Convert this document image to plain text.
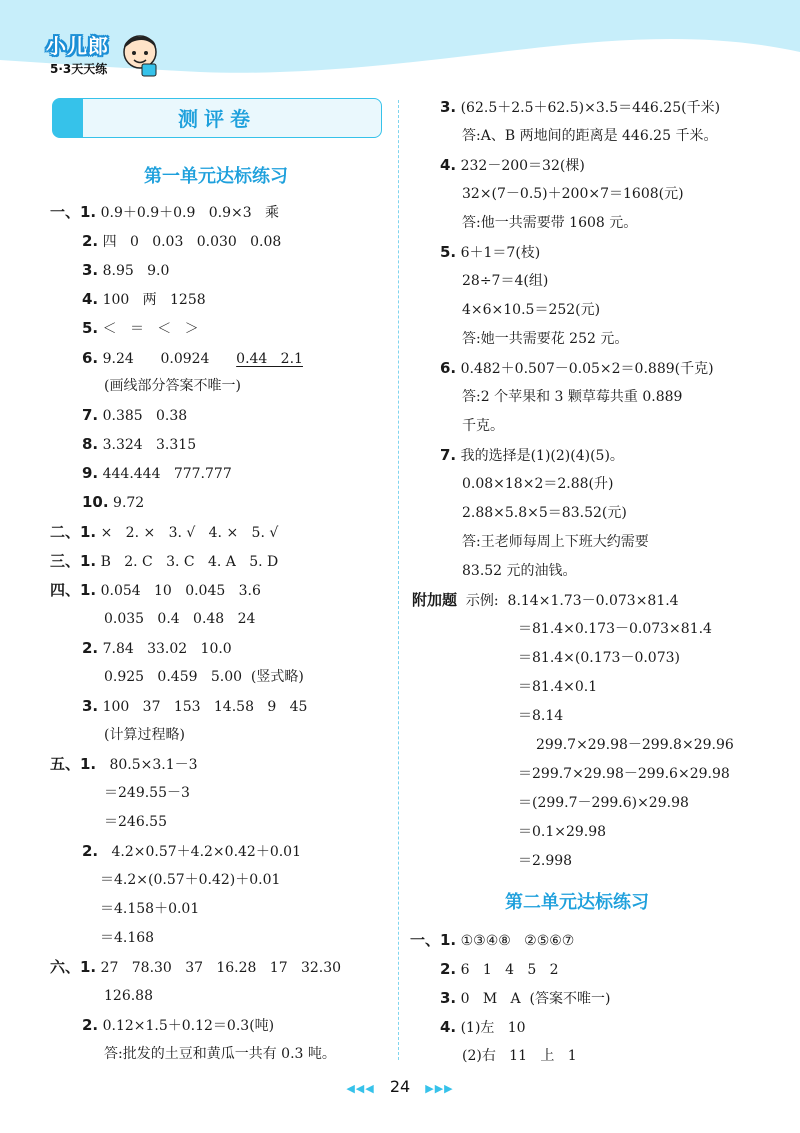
小儿郎
5·3天天练
测评卷
第一单元达标练习
第二单元达标练习
一、1. 0.9＋0.9＋0.9   0.9×3   乘
2. 四   0   0.03   0.030   0.08
3. 8.95   9.0
4. 100   两   1258
5. ＜   ＝   ＜   ＞
6. 9.24      0.0924      0.44   2.1
(画线部分答案不唯一)
7. 0.385   0.38
8. 3.324   3.315
9. 444.444   777.777
10. 9.72
二、1. ×   2. ×   3. √   4. ×   5. √
三、1. B   2. C   3. C   4. A   5. D
四、1. 0.054   10   0.045   3.6
0.035   0.4   0.48   24
2. 7.84   33.02   10.0
0.925   0.459   5.00  (竖式略)
3. 100   37   153   14.58   9   45
(计算过程略)
五、1.   80.5×3.1－3
＝249.55－3
＝246.55
2.   4.2×0.57＋4.2×0.42＋0.01
＝4.2×(0.57＋0.42)＋0.01
＝4.158＋0.01
＝4.168
六、1. 27   78.30   37   16.28   17   32.30
126.88
2. 0.12×1.5＋0.12＝0.3(吨)
答:批发的土豆和黄瓜一共有 0.3 吨。
3. (62.5＋2.5＋62.5)×3.5＝446.25(千米)
答:A、B 两地间的距离是 446.25 千米。
4. 232－200＝32(棵)
32×(7－0.5)＋200×7＝1608(元)
答:他一共需要带 1608 元。
5. 6＋1＝7(枝)
28÷7＝4(组)
4×6×10.5＝252(元)
答:她一共需要花 252 元。
6. 0.482＋0.507－0.05×2＝0.889(千克)
答:2 个苹果和 3 颗草莓共重 0.889
千克。
7. 我的选择是(1)(2)(4)(5)。
0.08×18×2＝2.88(升)
2.88×5.8×5＝83.52(元)
答:王老师每周上下班大约需要
83.52 元的油钱。
附加题 示例:  8.14×1.73－0.073×81.4
＝81.4×0.173－0.073×81.4
＝81.4×(0.173－0.073)
＝81.4×0.1
＝8.14
299.7×29.98－299.8×29.96
＝299.7×29.98－299.6×29.98
＝(299.7－299.6)×29.98
＝0.1×29.98
＝2.998
一、1. ①③④⑧   ②⑤⑥⑦
2. 6   1   4   5   2
3. 0   M   A  (答案不唯一)
4. (1)左   10
(2)右   11   上   1
◀◀◀ 24 ▶▶▶
